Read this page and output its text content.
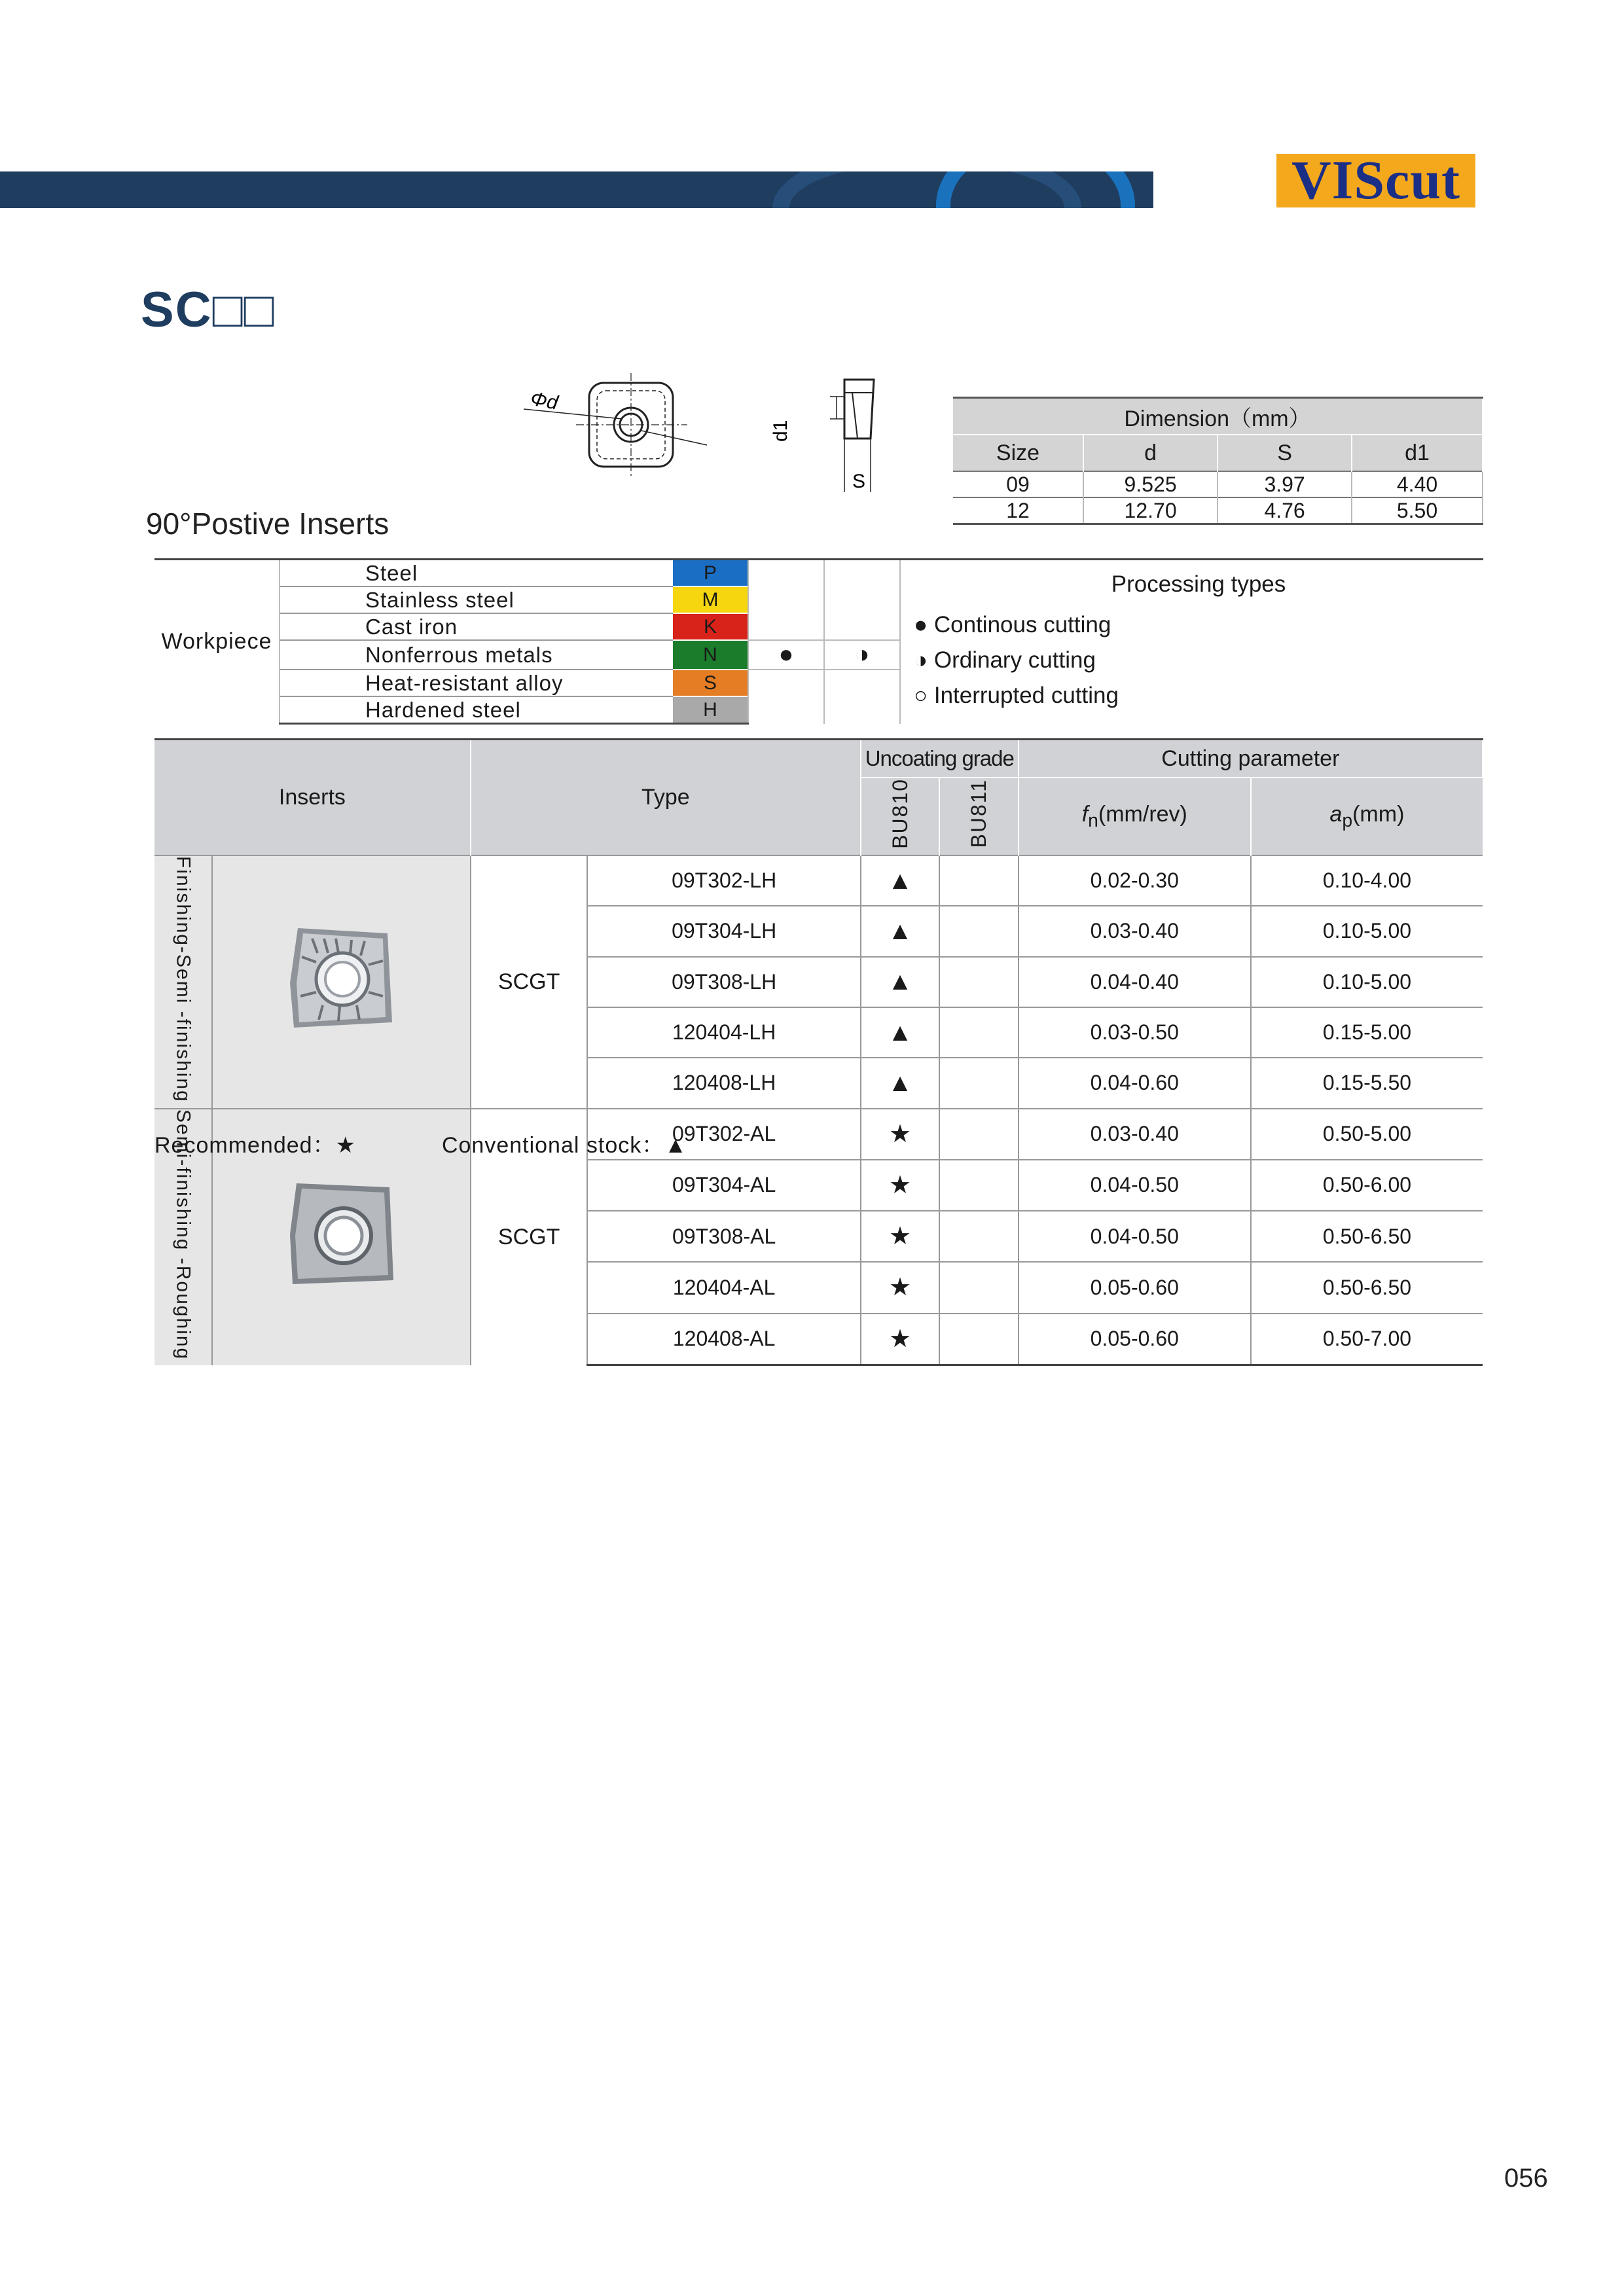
VIScut
SC□□
90°Postive Inserts
Φd
S
d1	Dimension（mm）			
Size	d	S	d1
09	9.525	3.97	4.40
12	12.70	4.76	5.50
Workpiece	Steel	P			Processing types
● Continous cutting
◑ Ordinary cutting
○ Interrupted cutting

	Stainless steel	M			
	Cast iron	K			
	Nonferrous metals	N	●	◑	
	Heat-resistant alloy	S			
	Hardened steel	H			
Inserts		Type		Uncoating grade		Cutting parameter	
				BU810	BU811	$f_n(mm/rev)$	$a_p(mm)$
Finishing-Semi -finishing		SCGT	09T302-LH	▲		0.02-0.30	0.10-4.00
			09T304-LH	▲		0.03-0.40	0.10-5.00
			09T308-LH	▲		0.04-0.40	0.10-5.00
			120404-LH	▲		0.03-0.50	0.15-5.00
			120408-LH	▲		0.04-0.60	0.15-5.50
Semi-finishing -Roughing		SCGT	09T302-AL	★		0.03-0.40	0.50-5.00
			09T304-AL	★		0.04-0.50	0.50-6.00
			09T308-AL	★		0.04-0.50	0.50-6.50
			120404-AL	★		0.05-0.60	0.50-6.50
			120408-AL	★		0.05-0.60	0.50-7.00
Recommended：★	Conventional stock：▲
056
